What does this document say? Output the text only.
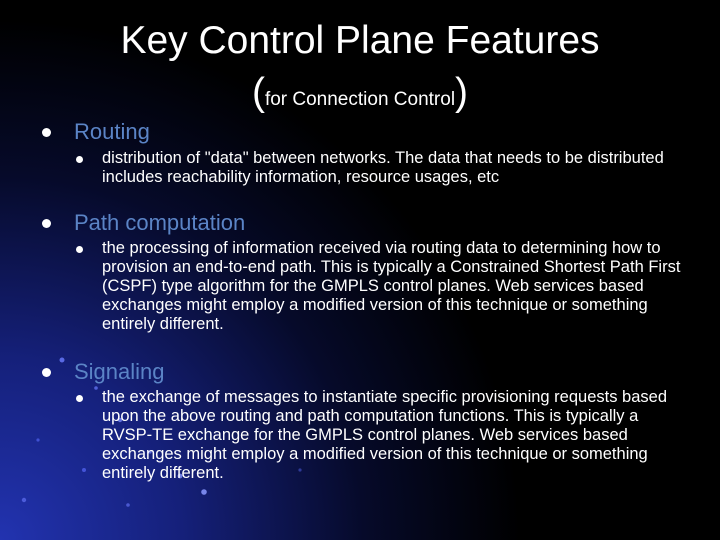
Key Control Plane Features
(for Connection Control)
Routing
distribution of "data" between networks. The data that needs to be distributed includes reachability information, resource usages, etc
Path computation
the processing of information received via routing data to determining how to provision an end-to-end path. This is typically a Constrained Shortest Path First (CSPF) type algorithm for the GMPLS control planes. Web services based exchanges might employ a modified version of this technique or something entirely different.
Signaling
the exchange of messages to instantiate specific provisioning requests based upon the above routing and path computation functions. This is typically a RVSP-TE exchange for the GMPLS control planes. Web services based exchanges might employ a modified version of this technique or something entirely different.
